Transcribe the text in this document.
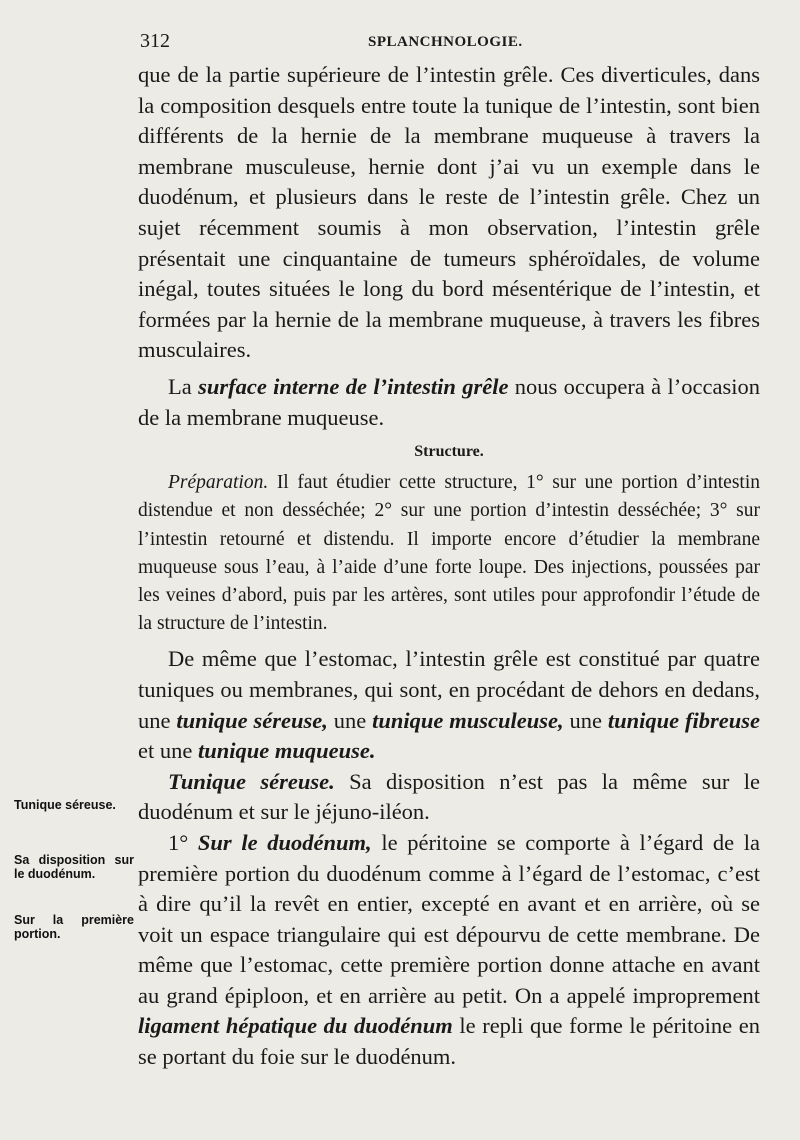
312	SPLANCHNOLOGIE.

que de la partie supérieure de l’intestin grêle. Ces diverticules, dans la composition desquels entre toute la tunique de l’intestin, sont bien différents de la hernie de la membrane muqueuse à travers la membrane musculeuse, hernie dont j’ai vu un exemple dans le duodénum, et plusieurs dans le reste de l’intestin grêle. Chez un sujet récemment soumis à mon observation, l’intestin grêle présentait une cinquantaine de tumeurs sphéroïdales, de volume inégal, toutes situées le long du bord mésentérique de l’intestin, et formées par la hernie de la membrane muqueuse, à travers les fibres musculaires.

La surface interne de l’intestin grêle nous occupera à l’occasion de la membrane muqueuse.

Structure.

Préparation. Il faut étudier cette structure, 1° sur une portion d’intestin distendue et non desséchée; 2° sur une portion d’intestin desséchée; 3° sur l’intestin retourné et distendu. Il importe encore d’étudier la membrane muqueuse sous l’eau, à l’aide d’une forte loupe. Des injections, poussées par les veines d’abord, puis par les artères, sont utiles pour approfondir l’étude de la structure de l’intestin.

De même que l’estomac, l’intestin grêle est constitué par quatre tuniques ou membranes, qui sont, en procédant de dehors en dedans, une tunique séreuse, une tunique musculeuse, une tunique fibreuse et une tunique muqueuse.

Tunique séreuse. Sa disposition n’est pas la même sur le duodénum et sur le jéjuno-iléon.

1° Sur le duodénum, le péritoine se comporte à l’égard de la première portion du duodénum comme à l’égard de l’estomac, c’est à dire qu’il la revêt en entier, excepté en avant et en arrière, où se voit un espace triangulaire qui est dépourvu de cette membrane. De même que l’estomac, cette première portion donne attache en avant au grand épiploon, et en arrière au petit. On a appelé improprement ligament hépatique du duodénum le repli que forme le péritoine en se portant du foie sur le duodénum.

Tunique séreuse.
Sa disposition sur le duodénum.
Sur la première portion.
